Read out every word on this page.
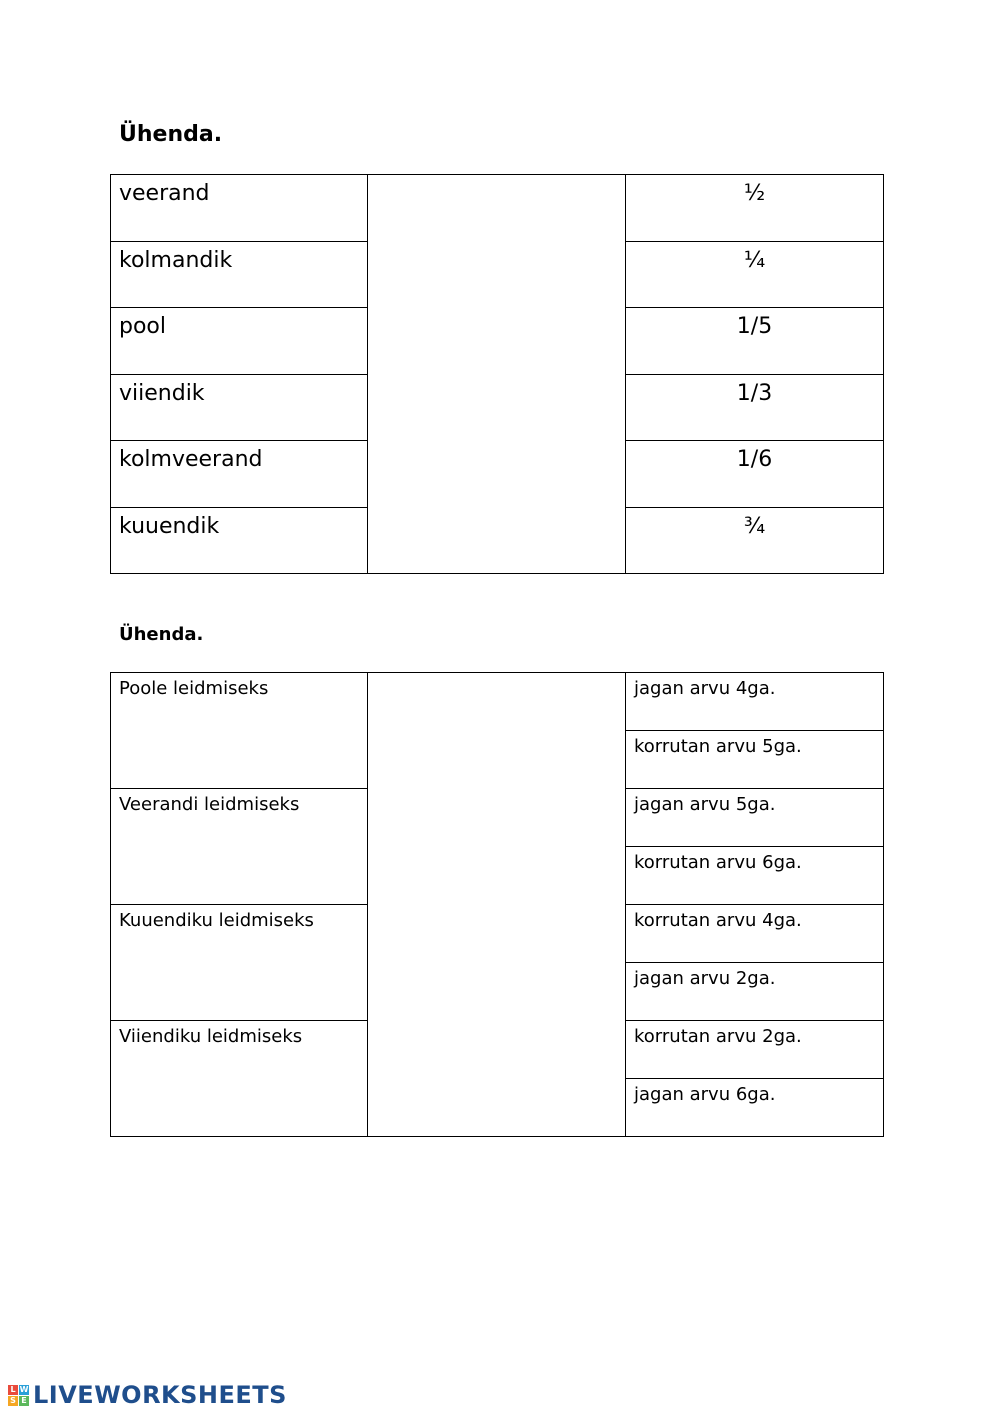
Ühenda.
veerand		½
kolmandik		¼
pool		1/5
viiendik		1/3
kolmveerand		1/6
kuuendik		¾
Ühenda.
Poole leidmiseks		jagan arvu 4ga.
		korrutan arvu 5ga.
Veerandi leidmiseks		jagan arvu 5ga.
		korrutan arvu 6ga.
Kuuendiku leidmiseks		korrutan arvu 4ga.
		jagan arvu 2ga.
Viiendiku leidmiseks		korrutan arvu 2ga.
		jagan arvu 6ga.
L W
S E LIVEWORKSHEETS
